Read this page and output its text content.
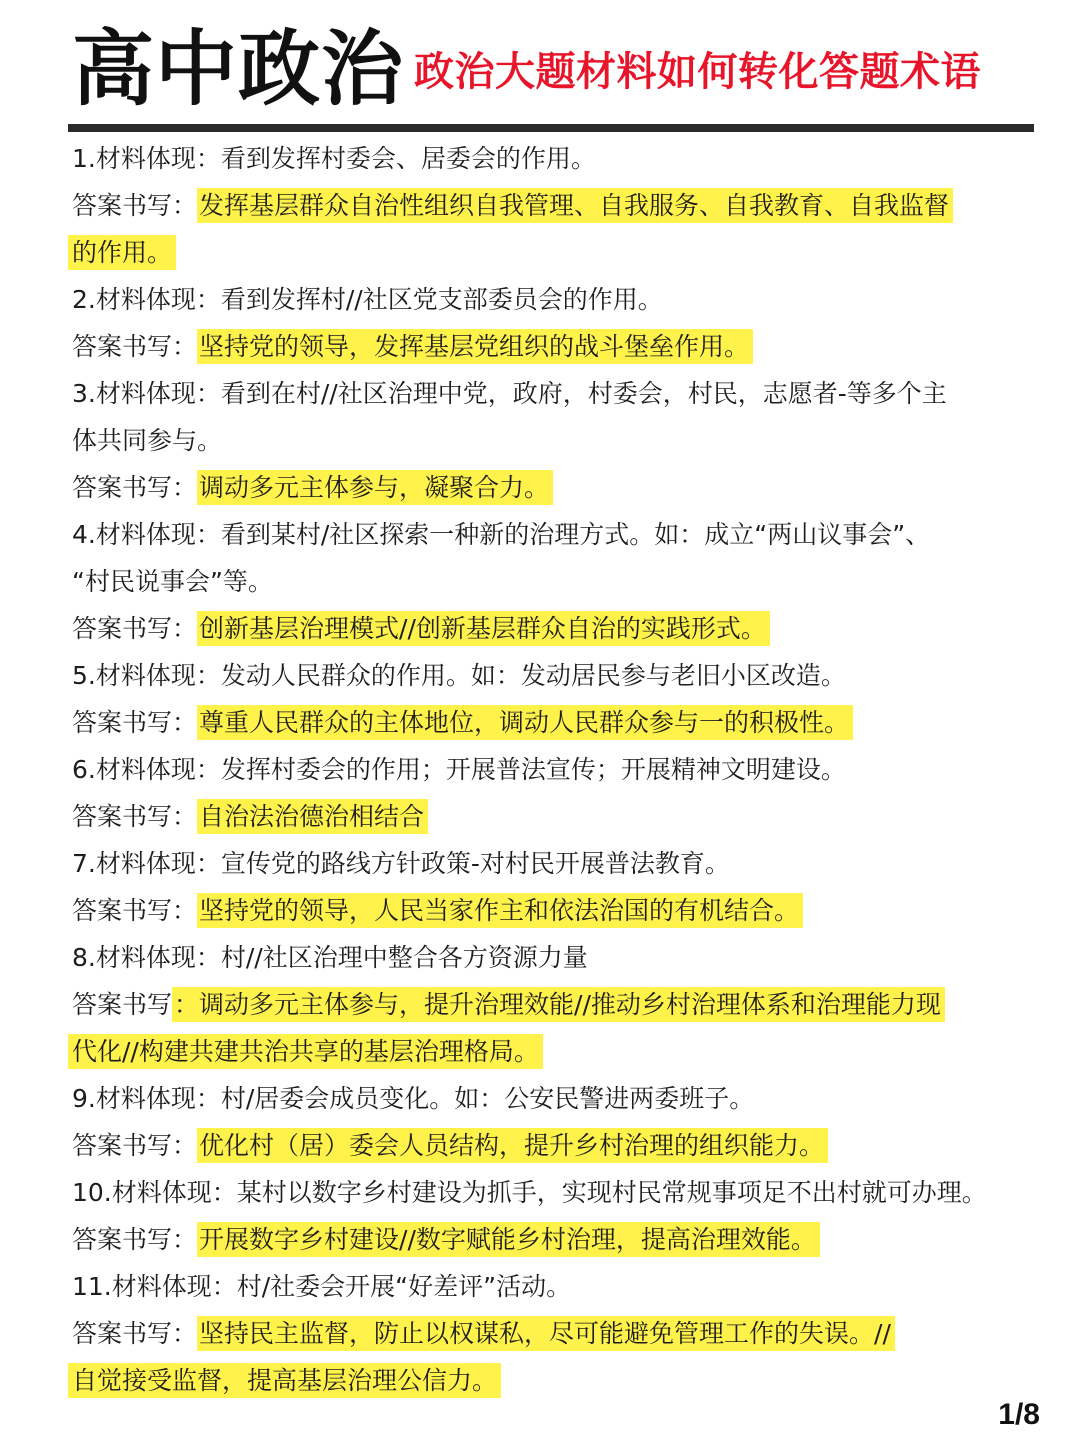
高中政治 政治大题材料如何转化答题术语
1.材料体现：看到发挥村委会、居委会的作用。
答案书写：发挥基层群众自治性组织自我管理、自我服务、自我教育、自我监督
的作用。
2.材料体现：看到发挥村//社区党支部委员会的作用。
答案书写：坚持党的领导，发挥基层党组织的战斗堡垒作用。
3.材料体现：看到在村//社区治理中党，政府，村委会，村民，志愿者-等多个主
体共同参与。
答案书写：调动多元主体参与，凝聚合力。
4.材料体现：看到某村/社区探索一种新的治理方式。如：成立“两山议事会”、
“村民说事会”等。
答案书写：创新基层治理模式//创新基层群众自治的实践形式。
5.材料体现：发动人民群众的作用。如：发动居民参与老旧小区改造。
答案书写：尊重人民群众的主体地位，调动人民群众参与一的积极性。
6.材料体现：发挥村委会的作用；开展普法宣传；开展精神文明建设。
答案书写：自治法治德治相结合
7.材料体现：宣传党的路线方针政策-对村民开展普法教育。
答案书写：坚持党的领导，人民当家作主和依法治国的有机结合。
8.材料体现：村//社区治理中整合各方资源力量
答案书写：调动多元主体参与，提升治理效能//推动乡村治理体系和治理能力现
代化//构建共建共治共享的基层治理格局。
9.材料体现：村/居委会成员变化。如：公安民警进两委班子。
答案书写：优化村（居）委会人员结构，提升乡村治理的组织能力。
10.材料体现：某村以数字乡村建设为抓手，实现村民常规事项足不出村就可办理。
答案书写：开展数字乡村建设//数字赋能乡村治理，提高治理效能。
11.材料体现：村/社委会开展“好差评”活动。
答案书写：坚持民主监督，防止以权谋私，尽可能避免管理工作的失误。//
自觉接受监督，提高基层治理公信力。
1/8
